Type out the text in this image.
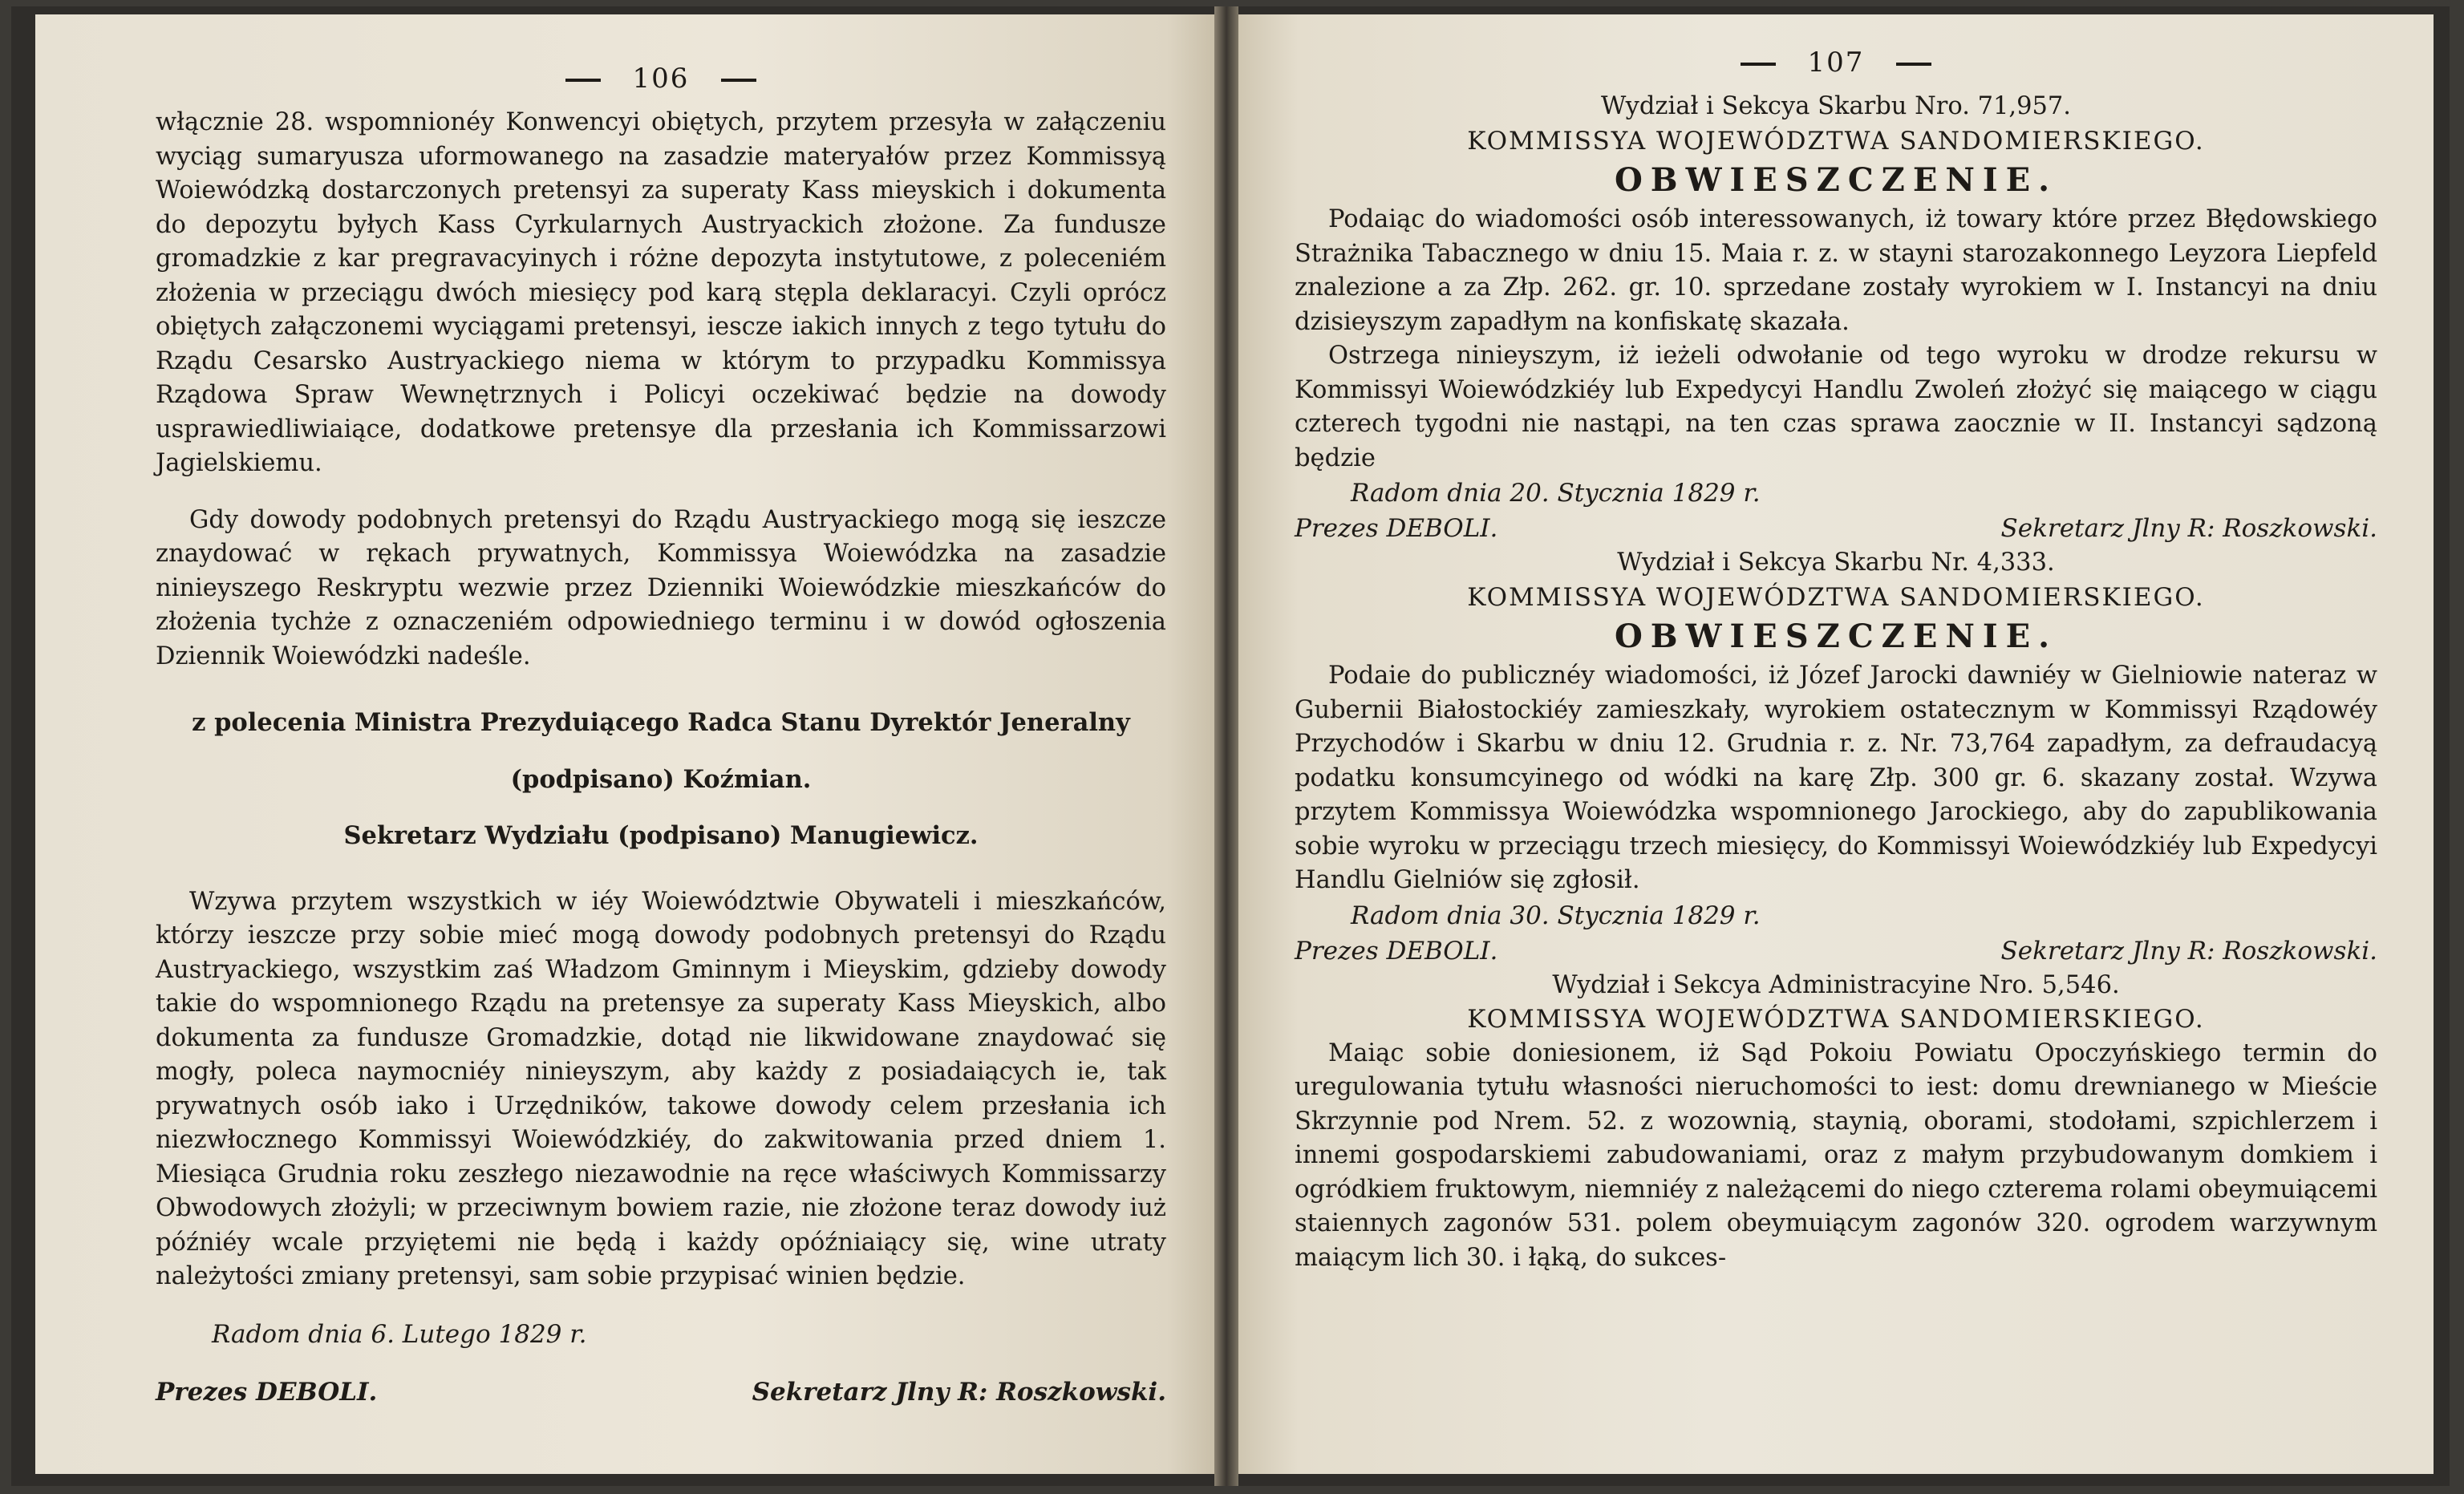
106

włącznie 28. wspomnionéy Konwencyi obiętych, przytem przesyła w załączeniu wyciąg sumaryusza uformowanego na zasadzie materyałów przez Kommissyą Woiewódzką dostarczonych pretensyi za superaty Kass mieyskich i dokumenta do depozytu byłych Kass Cyrkularnych Austryackich złożone. Za fundusze gromadzkie z kar pregravacyinych i różne depozyta instytutowe, z poleceniém złożenia w przeciągu dwóch miesięcy pod karą stępla deklaracyi. Czyli oprócz obiętych załączonemi wyciągami pretensyi, iescze iakich innych z tego tytułu do Rządu Cesarsko Austryackiego niema w którym to przypadku Kommissya Rządowa Spraw Wewnętrznych i Policyi oczekiwać będzie na dowody usprawiedliwiaiące, dodatkowe pretensye dla przesłania ich Kommissarzowi Jagielskiemu.

Gdy dowody podobnych pretensyi do Rządu Austryackiego mogą się ieszcze znaydować w rękach prywatnych, Kommissya Woiewódzka na zasadzie ninieyszego Reskryptu wezwie przez Dzienniki Woiewódzkie mieszkańców do złożenia tychże z oznaczeniém odpowiedniego terminu i w dowód ogłoszenia Dziennik Woiewódzki nadeśle.

z polecenia Ministra Prezyduiącego Radca Stanu Dyrektór Jeneralny

(podpisano) Koźmian.

Sekretarz Wydziału (podpisano) Manugiewicz.

Wzywa przytem wszystkich w iéy Woiewództwie Obywateli i mieszkańców, którzy ieszcze przy sobie mieć mogą dowody podobnych pretensyi do Rządu Austryackiego, wszystkim zaś Władzom Gminnym i Mieyskim, gdzieby dowody takie do wspomnionego Rządu na pretensye za superaty Kass Mieyskich, albo dokumenta za fundusze Gromadzkie, dotąd nie likwidowane znaydować się mogły, poleca naymocniéy ninieyszym, aby każdy z posiadaiących ie, tak prywatnych osób iako i Urzędników, takowe dowody celem przesłania ich niezwłocznego Kommissyi Woiewódzkiéy, do zakwitowania przed dniem 1. Miesiąca Grudnia roku zeszłego niezawodnie na ręce właściwych Kommissarzy Obwodowych złożyli; w przeciwnym bowiem razie, nie złożone teraz dowody iuż późniéy wcale przyiętemi nie będą i każdy opóźniaiący się, wine utraty należytości zmiany pretensyi, sam sobie przypisać winien będzie.

Radom dnia 6. Lutego 1829 r.

Prezes DEBOLI.	Sekretarz Jlny R: Roszkowski.
107

Wydział i Sekcya Skarbu Nro. 71,957.

KOMMISSYA WOJEWÓDZTWA SANDOMIERSKIEGO.

OBWIESZCZENIE.

Podaiąc do wiadomości osób interessowanych, iż towary które przez Błędowskiego Strażnika Tabacznego w dniu 15. Maia r. z. w stayni starozakonnego Leyzora Liepfeld znalezione a za Złp. 262. gr. 10. sprzedane zostały wyrokiem w I. Instancyi na dniu dzisieyszym zapadłym na konfiskatę skazała.

Ostrzega ninieyszym, iż ieżeli odwołanie od tego wyroku w drodze rekursu w Kommissyi Woiewódzkiéy lub Expedycyi Handlu Zwoleń złożyć się maiącego w ciągu czterech tygodni nie nastąpi, na ten czas sprawa zaocznie w II. Instancyi sądzoną będzie

Radom dnia 20. Stycznia 1829 r.

Prezes DEBOLI.	Sekretarz Jlny R: Roszkowski.

Wydział i Sekcya Skarbu Nr. 4,333.

KOMMISSYA WOJEWÓDZTWA SANDOMIERSKIEGO.

OBWIESZCZENIE.

Podaie do publicznéy wiadomości, iż Józef Jarocki dawniéy w Gielniowie nateraz w Gubernii Białostockiéy zamieszkały, wyrokiem ostatecznym w Kommissyi Rządowéy Przychodów i Skarbu w dniu 12. Grudnia r. z. Nr. 73,764 zapadłym, za defraudacyą podatku konsumcyinego od wódki na karę Złp. 300 gr. 6. skazany został. Wzywa przytem Kommissya Woiewódzka wspomnionego Jarockiego, aby do zapublikowania sobie wyroku w przeciągu trzech miesięcy, do Kommissyi Woiewódzkiéy lub Expedycyi Handlu Gielniów się zgłosił.

Radom dnia 30. Stycznia 1829 r.

Prezes DEBOLI.	Sekretarz Jlny R: Roszkowski.

Wydział i Sekcya Administracyine Nro. 5,546.

KOMMISSYA WOJEWÓDZTWA SANDOMIERSKIEGO.

Maiąc sobie doniesionem, iż Sąd Pokoiu Powiatu Opoczyńskiego termin do uregulowania tytułu własności nieruchomości to iest: domu drewnianego w Mieście Skrzynnie pod Nrem. 52. z wozownią, staynią, oborami, stodołami, szpichlerzem i innemi gospodarskiemi zabudowaniami, oraz z małym przybudowanym domkiem i ogródkiem fruktowym, niemniéy z należącemi do niego czterema rolami obeymuiącemi staiennych zagonów 531. polem obeymuiącym zagonów 320. ogrodem warzywnym maiącym lich 30. i łąką, do sukces-
